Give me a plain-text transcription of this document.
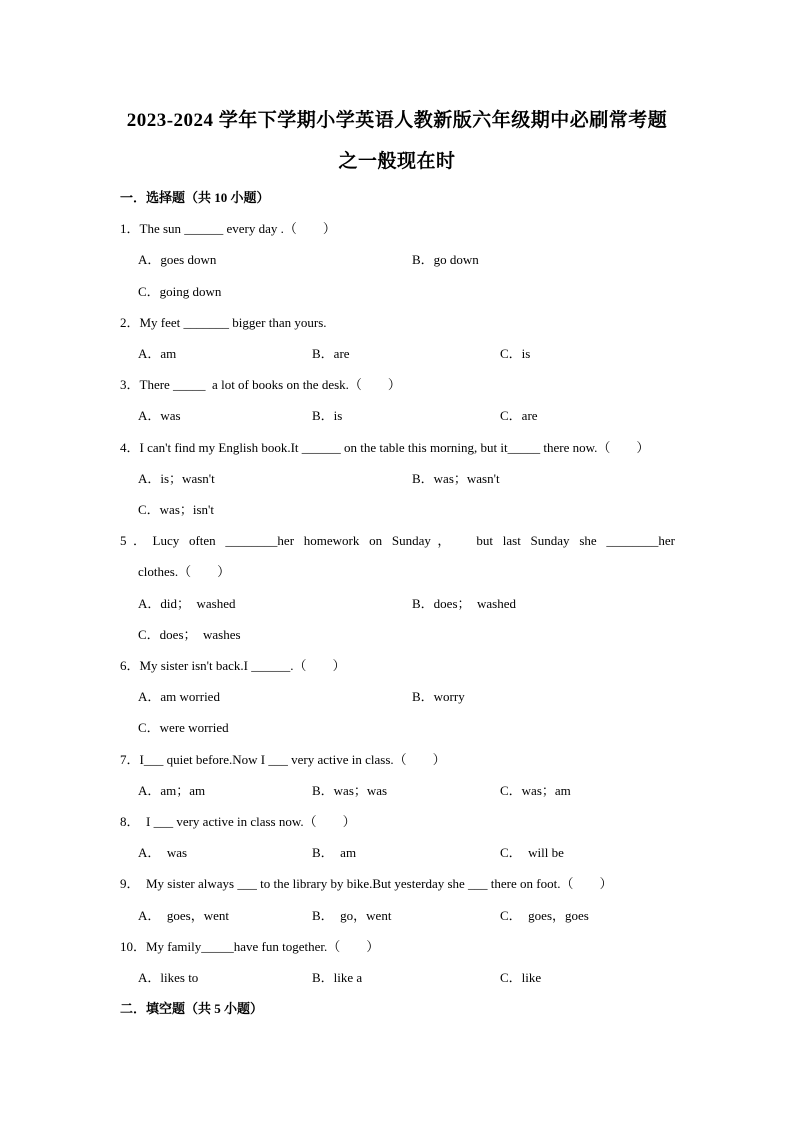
2023-2024 学年下学期小学英语人教新版六年级期中必刷常考题
之一般现在时
一．选择题（共 10 小题）
1．The sun ______ every day .（　　）
A．goes down	B．go down
C．going down
2．My feet _______ bigger than yours.
A．am	B．are	C．is
3．There _____  a lot of books on the desk.（　　）
A．was	B．is	C．are
4．I can't find my English book.It ______ on the table this morning, but it_____ there now.（　　）
A．is；wasn't	B．was；wasn't
C．was；isn't
5．Lucy often ________her homework on Sunday，  but last Sunday she ________her
clothes.（　　）
A．did；  washed	B．does；  washed
C．does；  washes
6．My sister isn't back.I ______.（　　）
A．am worried	B．worry
C．were worried
7．I___ quiet before.Now I ___ very active in class.（　　）
A．am；am	B．was；was	C．was；am
8．  I ___ very active in class now.（　　）
A．  was	B．  am	C．  will be
9．  My sister always ___ to the library by bike.But yesterday she ___ there on foot.（　　）
A．  goes，went	B．  go，went	C．  goes，goes
10．My family_____have fun together.（　　）
A．likes to	B．like a	C．like
二．填空题（共 5 小题）
